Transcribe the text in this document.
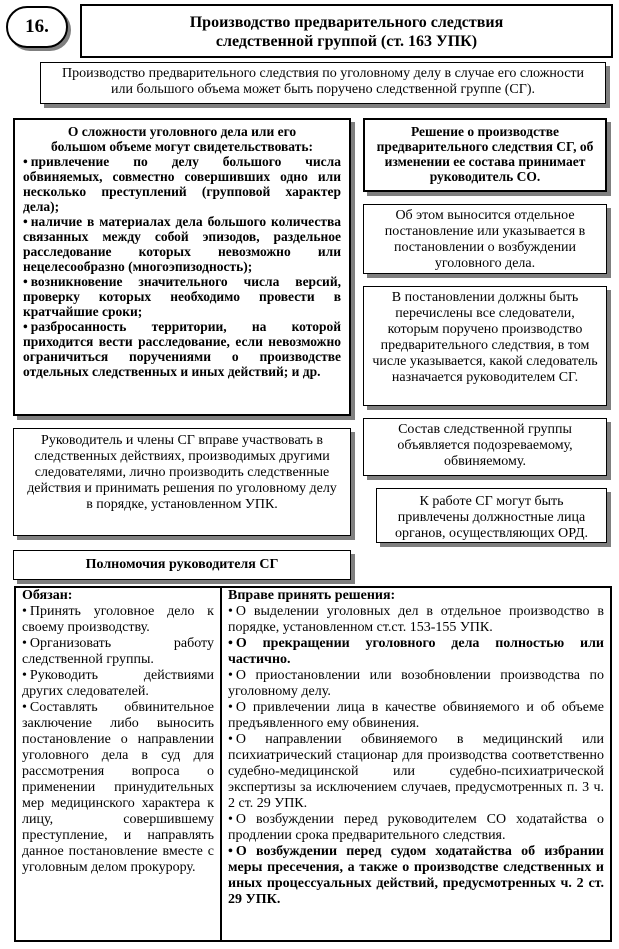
16.	Производство предварительного следствия

следственной группой (ст. 163 УПК)

Производство предварительного следствия по уголовному делу в случае его сложности или большого объема может быть поручено следственной группе (СГ).

О сложности уголовного дела или его большом объеме могут свидетельствовать:

• привлечение по делу большого числа обвиняемых, совместно совершивших одно или несколько преступлений (групповой характер дела);
• наличие в материалах дела большого количества связанных между собой эпизодов, раздельное расследование которых невозможно или нецелесообразно (многоэпизодность);
• возникновение значительного числа версий, проверку которых необходимо провести в кратчайшие сроки;
• разбросанность территории, на которой приходится вести расследование, если невозможно ограничиться поручениями о производстве отдельных следственных и иных действий; и др.

Решение о производстве предварительного следствия СГ, об изменении ее состава принимает руководитель СО.

Об этом выносится отдельное постановление или указывается в постановлении о возбуждении уголовного дела.

В постановлении должны быть перечислены все следователи, которым поручено производство предварительного следствия, в том числе указывается, какой следователь назначается руководителем СГ.

Состав следственной группы объявляется подозреваемому, обвиняемому.

К работе СГ могут быть привлечены должностные лица органов, осуществляющих ОРД.

Руководитель и члены СГ вправе участвовать в следственных действиях, производимых другими следователями, лично производить следственные действия и принимать решения по уголовному делу в порядке, установленном УПК.

Полномочия руководителя СГ

Обязан:

• Принять уголовное дело к своему производству.
• Организовать работу следственной группы.
• Руководить действиями других следователей.
• Составлять обвинительное заключение либо выносить постановление о направлении уголовного дела в суд для рассмотрения вопроса о применении принудительных мер медицинского характера к лицу, совершившему преступление, и направлять данное постановление вместе с уголовным делом прокурору.

Вправе принять решения:

• О выделении уголовных дел в отдельное производство в порядке, установленном ст.ст. 153-155 УПК.
• О прекращении уголовного дела полностью или частично.
• О приостановлении или возобновлении производства по уголовному делу.
• О привлечении лица в качестве обвиняемого и об объеме предъявленного ему обвинения.
• О направлении обвиняемого в медицинский или психиатрический стационар для производства соответственно судебно-медицинской или судебно-психиатрической экспертизы за исключением случаев, предусмотренных п. 3 ч. 2 ст. 29 УПК.
• О возбуждении перед руководителем СО ходатайства о продлении срока предварительного следствия.
• О возбуждении перед судом ходатайства об избрании меры пресечения, а также о производстве следственных и иных процессуальных действий, предусмотренных ч. 2 ст. 29 УПК.
